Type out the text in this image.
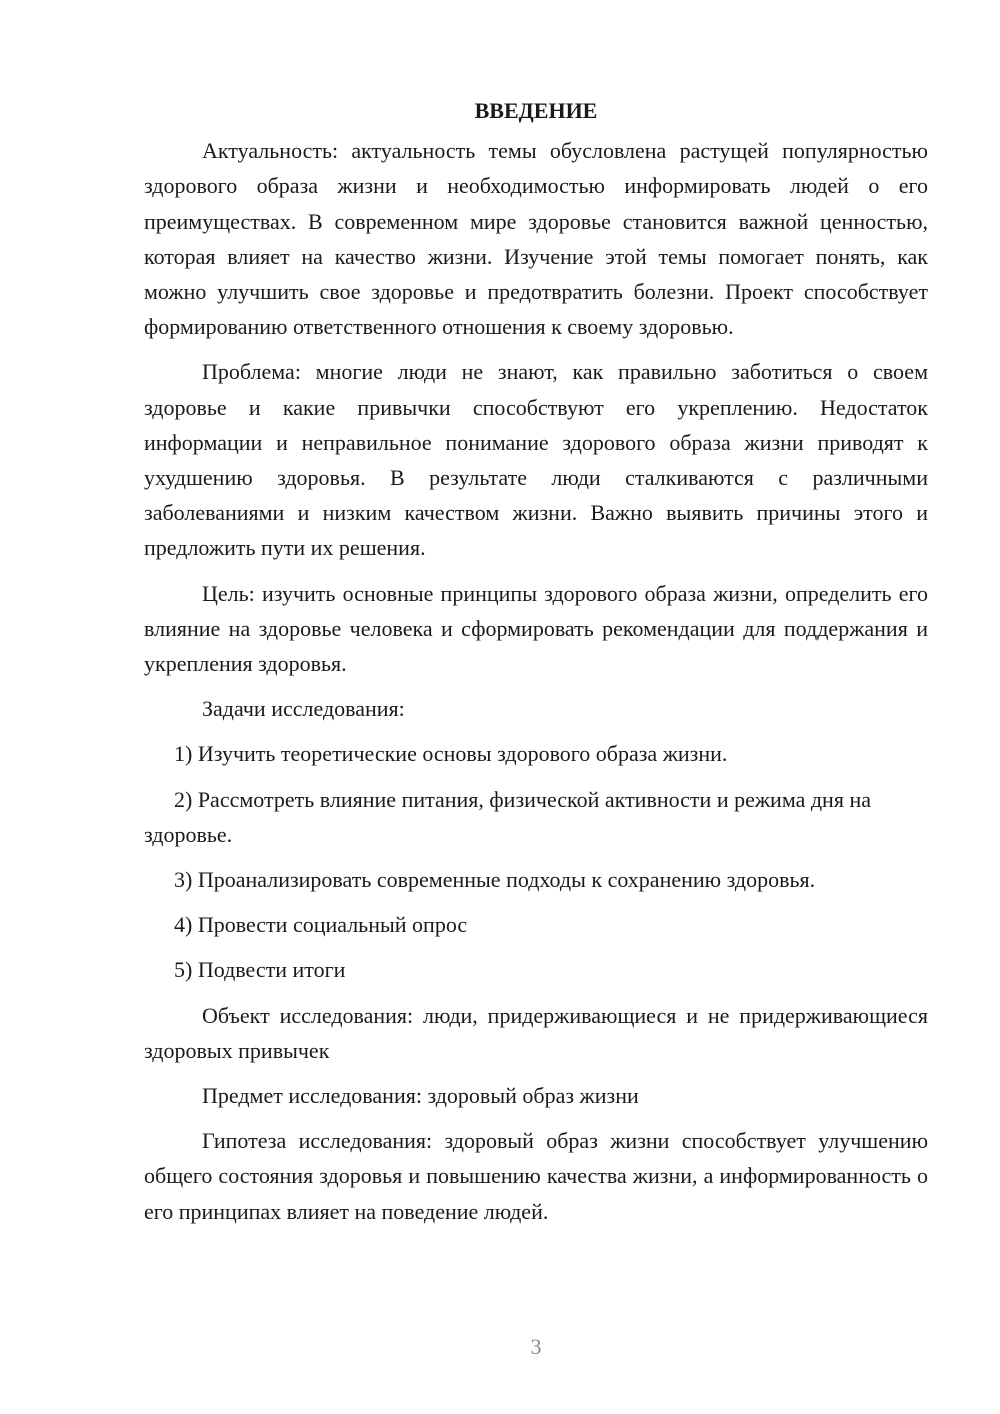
ВВЕДЕНИЕ

Актуальность: актуальность темы обусловлена растущей популярностью здорового образа жизни и необходимостью информировать людей о его преимуществах. В современном мире здоровье становится важной ценностью, которая влияет на качество жизни. Изучение этой темы помогает понять, как можно улучшить свое здоровье и предотвратить болезни. Проект способствует формированию ответственного отношения к своему здоровью.

Проблема: многие люди не знают, как правильно заботиться о своем здоровье и какие привычки способствуют его укреплению. Недостаток информации и неправильное понимание здорового образа жизни приводят к ухудшению здоровья. В результате люди сталкиваются с различными заболеваниями и низким качеством жизни. Важно выявить причины этого и предложить пути их решения.

Цель: изучить основные принципы здорового образа жизни, определить его влияние на здоровье человека и сформировать рекомендации для поддержания и укрепления здоровья.

Задачи исследования:

1) Изучить теоретические основы здорового образа жизни.

2) Рассмотреть влияние питания, физической активности и режима дня на здоровье.

3) Проанализировать современные подходы к сохранению здоровья.

4) Провести социальный опрос

5) Подвести итоги

Объект исследования: люди, придерживающиеся и не придерживающиеся здоровых привычек

Предмет исследования: здоровый образ жизни

Гипотеза исследования: здоровый образ жизни способствует улучшению общего состояния здоровья и повышению качества жизни, а информированность о его принципах влияет на поведение людей.

3
